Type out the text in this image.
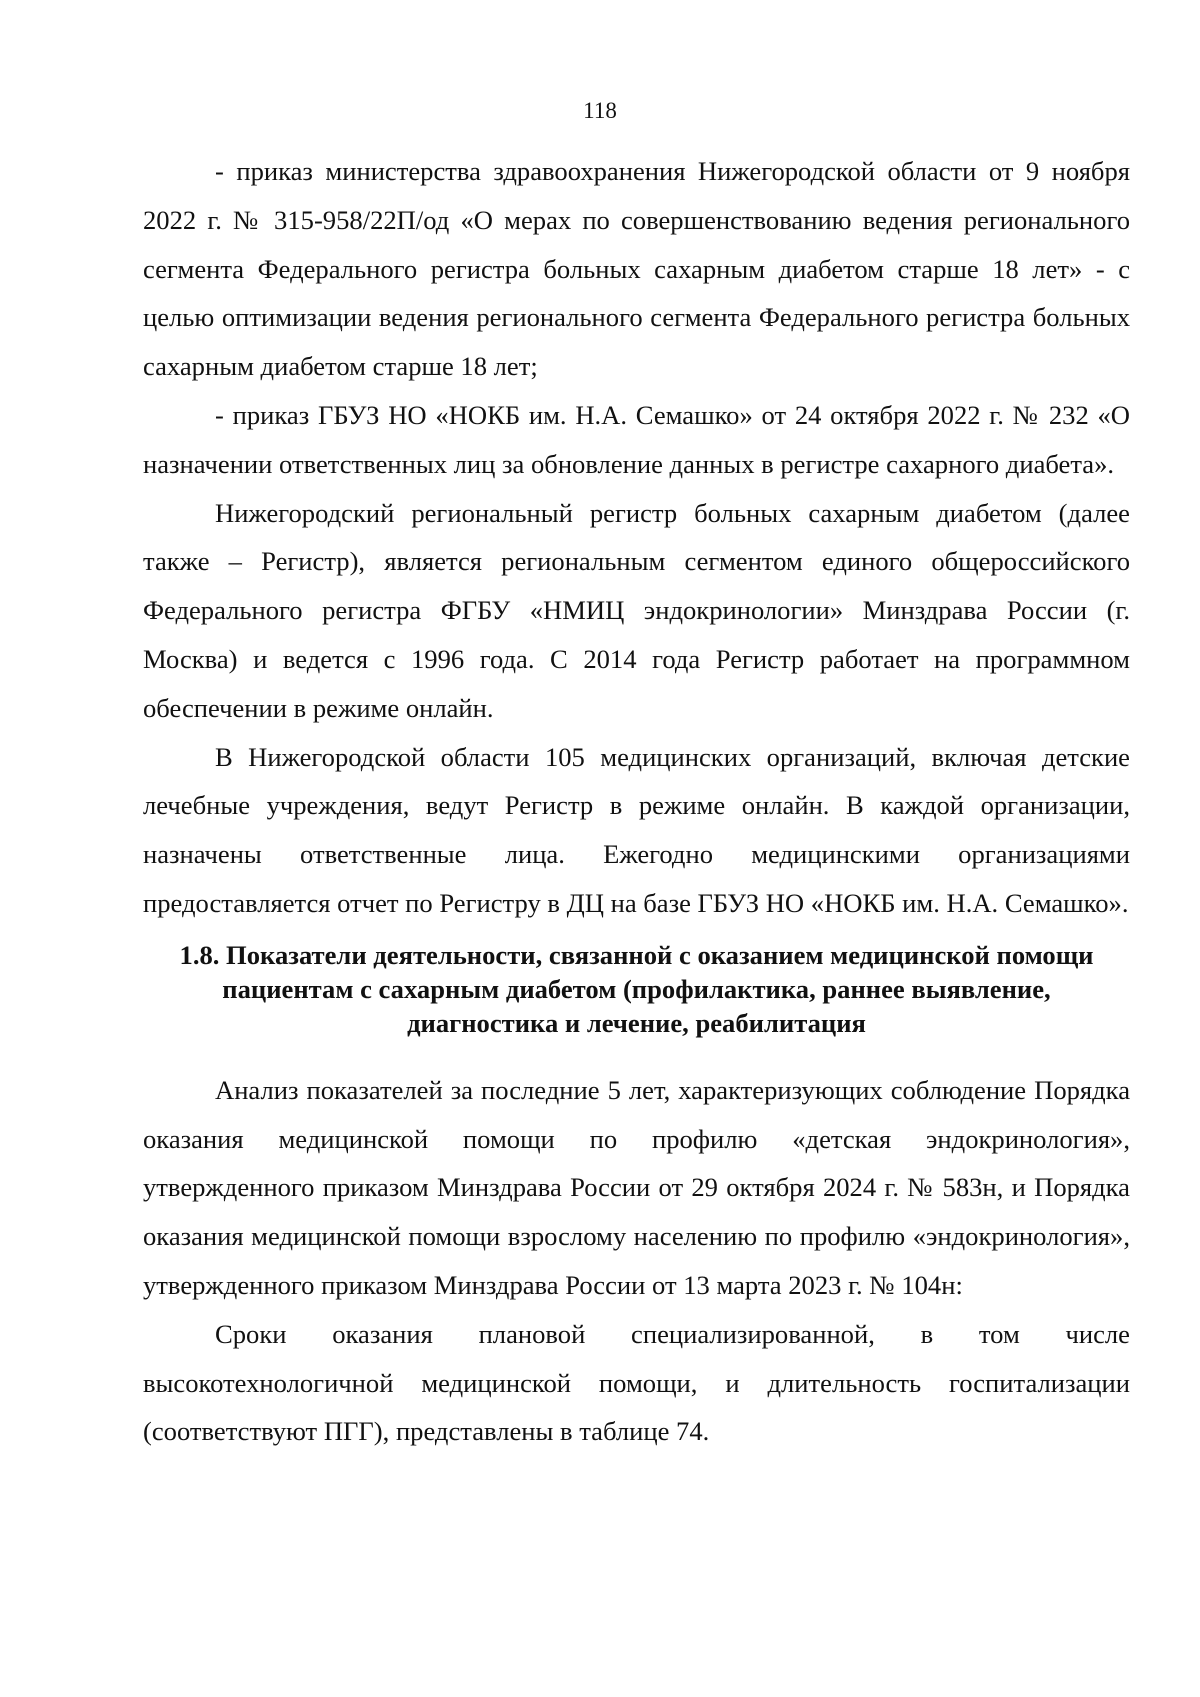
118

- приказ министерства здравоохранения Нижегородской области от 9 ноября 2022 г. № 315-958/22П/од «О мерах по совершенствованию ведения регионального сегмента Федерального регистра больных сахарным диабетом старше 18 лет» - с целью оптимизации ведения регионального сегмента Федерального регистра больных сахарным диабетом старше 18 лет;

- приказ ГБУЗ НО «НОКБ им. Н.А. Семашко» от 24 октября 2022 г. № 232 «О назначении ответственных лиц за обновление данных в регистре сахарного диабета».

Нижегородский региональный регистр больных сахарным диабетом (далее также – Регистр), является региональным сегментом единого общероссийского Федерального регистра ФГБУ «НМИЦ эндокринологии» Минздрава России (г. Москва) и ведется с 1996 года. С 2014 года Регистр работает на программном обеспечении в режиме онлайн.

В Нижегородской области 105 медицинских организаций, включая детские лечебные учреждения, ведут Регистр в режиме онлайн. В каждой организации, назначены ответственные лица. Ежегодно медицинскими организациями предоставляется отчет по Регистру в ДЦ на базе ГБУЗ НО «НОКБ им. Н.А. Семашко».

1.8. Показатели деятельности, связанной с оказанием медицинской помощи
пациентам с сахарным диабетом (профилактика, раннее выявление,
диагностика и лечение, реабилитация

Анализ показателей за последние 5 лет, характеризующих соблюдение Порядка оказания медицинской помощи по профилю «детская эндокринология», утвержденного приказом Минздрава России от 29 октября 2024 г. № 583н, и Порядка оказания медицинской помощи взрослому населению по профилю «эндокринология», утвержденного приказом Минздрава России от 13 марта 2023 г. № 104н:

Сроки оказания плановой специализированной, в том числе высокотехнологичной медицинской помощи, и длительность госпитализации (соответствуют ПГГ), представлены в таблице 74.
